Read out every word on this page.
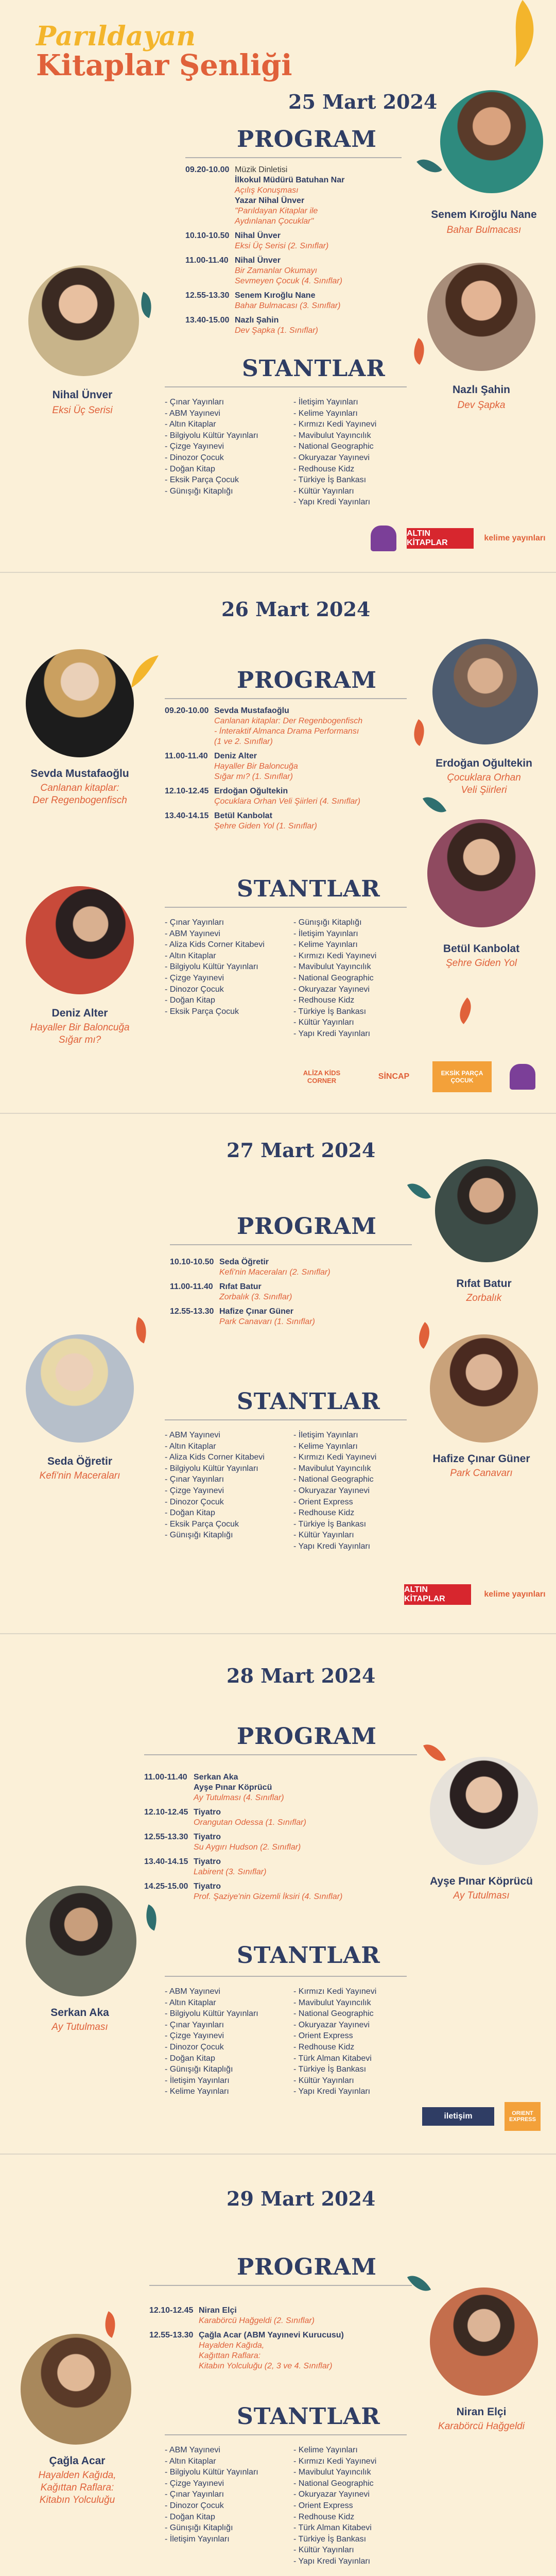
Parıldayan
Kitaplar Şenliği
25 Mart 2024
PROGRAM
09.20-10.00 Müzik Dinletisi
İlkokul Müdürü Batuhan Nar
Açılış Konuşması
Yazar Nihal Ünver
"Parıldayan Kitaplar ile
Aydınlanan Çocuklar"
10.10-10.50 Nihal Ünver
Eksi Üç Serisi (2. Sınıflar)
11.00-11.40 Nihal Ünver
Bir Zamanlar Okumayı
Sevmeyen Çocuk (4. Sınıflar)
12.55-13.30 Senem Kıroğlu Nane
Bahar Bulmacası (3. Sınıflar)
13.40-15.00 Nazlı Şahin
Dev Şapka (1. Sınıflar)
Senem Kıroğlu Nane
Bahar Bulmacası
Nihal Ünver
Eksi Üç Serisi
Nazlı Şahin
Dev Şapka
STANTLAR
- Çınar Yayınları
- ABM Yayınevi
- Altın Kitaplar
- Bilgiyolu Kültür Yayınları
- Çizge Yayınevi
- Dinozor Çocuk
- Doğan Kitap
- Eksik Parça Çocuk
- Günışığı Kitaplığı
- İletişim Yayınları
- Kelime Yayınları
- Kırmızı Kedi Yayınevi
- Mavibulut Yayıncılık
- National Geographic
- Okuryazar Yayınevi
- Redhouse Kidz
- Türkiye İş Bankası
- Kültür Yayınları
- Yapı Kredi Yayınları
ALTIN KİTAPLAR
kelime yayınları
26 Mart 2024
PROGRAM
09.20-10.00 Sevda Mustafaoğlu
Canlanan kitaplar: Der Regenbogenfisch
- İnteraktif Almanca Drama Performansı
(1 ve 2. Sınıflar)
11.00-11.40 Deniz Alter
Hayaller Bir Baloncuğa
Sığar mı? (1. Sınıflar)
12.10-12.45 Erdoğan Oğultekin
Çocuklara Orhan Veli Şiirleri (4. Sınıflar)
13.40-14.15 Betül Kanbolat
Şehre Giden Yol (1. Sınıflar)
Sevda Mustafaoğlu
Canlanan kitaplar:
Der Regenbogenfisch
Erdoğan Oğultekin
Çocuklara Orhan
Veli Şiirleri
Deniz Alter
Hayaller Bir Baloncuğa
Sığar mı?
Betül Kanbolat
Şehre Giden Yol
STANTLAR
- Çınar Yayınları
- ABM Yayınevi
- Aliza Kids Corner Kitabevi
- Altın Kitaplar
- Bilgiyolu Kültür Yayınları
- Çizge Yayınevi
- Dinozor Çocuk
- Doğan Kitap
- Eksik Parça Çocuk
- Günışığı Kitaplığı
- İletişim Yayınları
- Kelime Yayınları
- Kırmızı Kedi Yayınevi
- Mavibulut Yayıncılık
- National Geographic
- Okuryazar Yayınevi
- Redhouse Kidz
- Türkiye İş Bankası
- Kültür Yayınları
- Yapı Kredi Yayınları
ALİZA KİDS CORNER	SİNCAP	EKSİK PARÇA ÇOCUK
27 Mart 2024
PROGRAM
10.10-10.50 Seda Öğretir
Kefi'nin Maceraları (2. Sınıflar)
11.00-11.40 Rıfat Batur
Zorbalık (3. Sınıflar)
12.55-13.30 Hafize Çınar Güner
Park Canavarı (1. Sınıflar)
Rıfat Batur
Zorbalık
Seda Öğretir
Kefi'nin Maceraları
Hafize Çınar Güner
Park Canavarı
STANTLAR
- ABM Yayınevi
- Altın Kitaplar
- Aliza Kids Corner Kitabevi
- Bilgiyolu Kültür Yayınları
- Çınar Yayınları
- Çizge Yayınevi
- Dinozor Çocuk
- Doğan Kitap
- Eksik Parça Çocuk
- Günışığı Kitaplığı
- İletişim Yayınları
- Kelime Yayınları
- Kırmızı Kedi Yayınevi
- Mavibulut Yayıncılık
- National Geographic
- Okuryazar Yayınevi
- Orient Express
- Redhouse Kidz
- Türkiye İş Bankası
- Kültür Yayınları
- Yapı Kredi Yayınları
ALTIN KİTAPLAR
kelime yayınları
28 Mart 2024
PROGRAM
11.00-11.40 Serkan Aka
Ayşe Pınar Köprücü
Ay Tutulması (4. Sınıflar)
12.10-12.45 Tiyatro
Orangutan Odessa (1. Sınıflar)
12.55-13.30 Tiyatro
Su Aygırı Hudson (2. Sınıflar)
13.40-14.15 Tiyatro
Labirent (3. Sınıflar)
14.25-15.00 Tiyatro
Prof. Şaziye'nin Gizemli İksiri (4. Sınıflar)
Ayşe Pınar Köprücü
Ay Tutulması
Serkan Aka
Ay Tutulması
STANTLAR
- ABM Yayınevi
- Altın Kitaplar
- Bilgiyolu Kültür Yayınları
- Çınar Yayınları
- Çizge Yayınevi
- Dinozor Çocuk
- Doğan Kitap
- Günışığı Kitaplığı
- İletişim Yayınları
- Kelime Yayınları
- Kırmızı Kedi Yayınevi
- Mavibulut Yayıncılık
- National Geographic
- Okuryazar Yayınevi
- Orient Express
- Redhouse Kidz
- Türk Alman Kitabevi
- Türkiye İş Bankası
- Kültür Yayınları
- Yapı Kredi Yayınları
iletişim	ORIENT EXPRESS
29 Mart 2024
PROGRAM
12.10-12.45 Niran Elçi
Karabörcü Hağgeldi (2. Sınıflar)
12.55-13.30 Çağla Acar (ABM Yayınevi Kurucusu)
Hayalden Kağıda,
Kağıttan Raflara:
Kitabın Yolculuğu (2, 3 ve 4. Sınıflar)
Niran Elçi
Karabörcü Hağgeldi
Çağla Acar
Hayalden Kağıda,
Kağıttan Raflara:
Kitabın Yolculuğu
STANTLAR
- ABM Yayınevi
- Altın Kitaplar
- Bilgiyolu Kültür Yayınları
- Çizge Yayınevi
- Çınar Yayınları
- Dinozor Çocuk
- Doğan Kitap
- Günışığı Kitaplığı
- İletişim Yayınları
- Kelime Yayınları
- Kırmızı Kedi Yayınevi
- Mavibulut Yayıncılık
- National Geographic
- Okuryazar Yayınevi
- Orient Express
- Redhouse Kidz
- Türk Alman Kitabevi
- Türkiye İş Bankası
- Kültür Yayınları
- Yapı Kredi Yayınları
